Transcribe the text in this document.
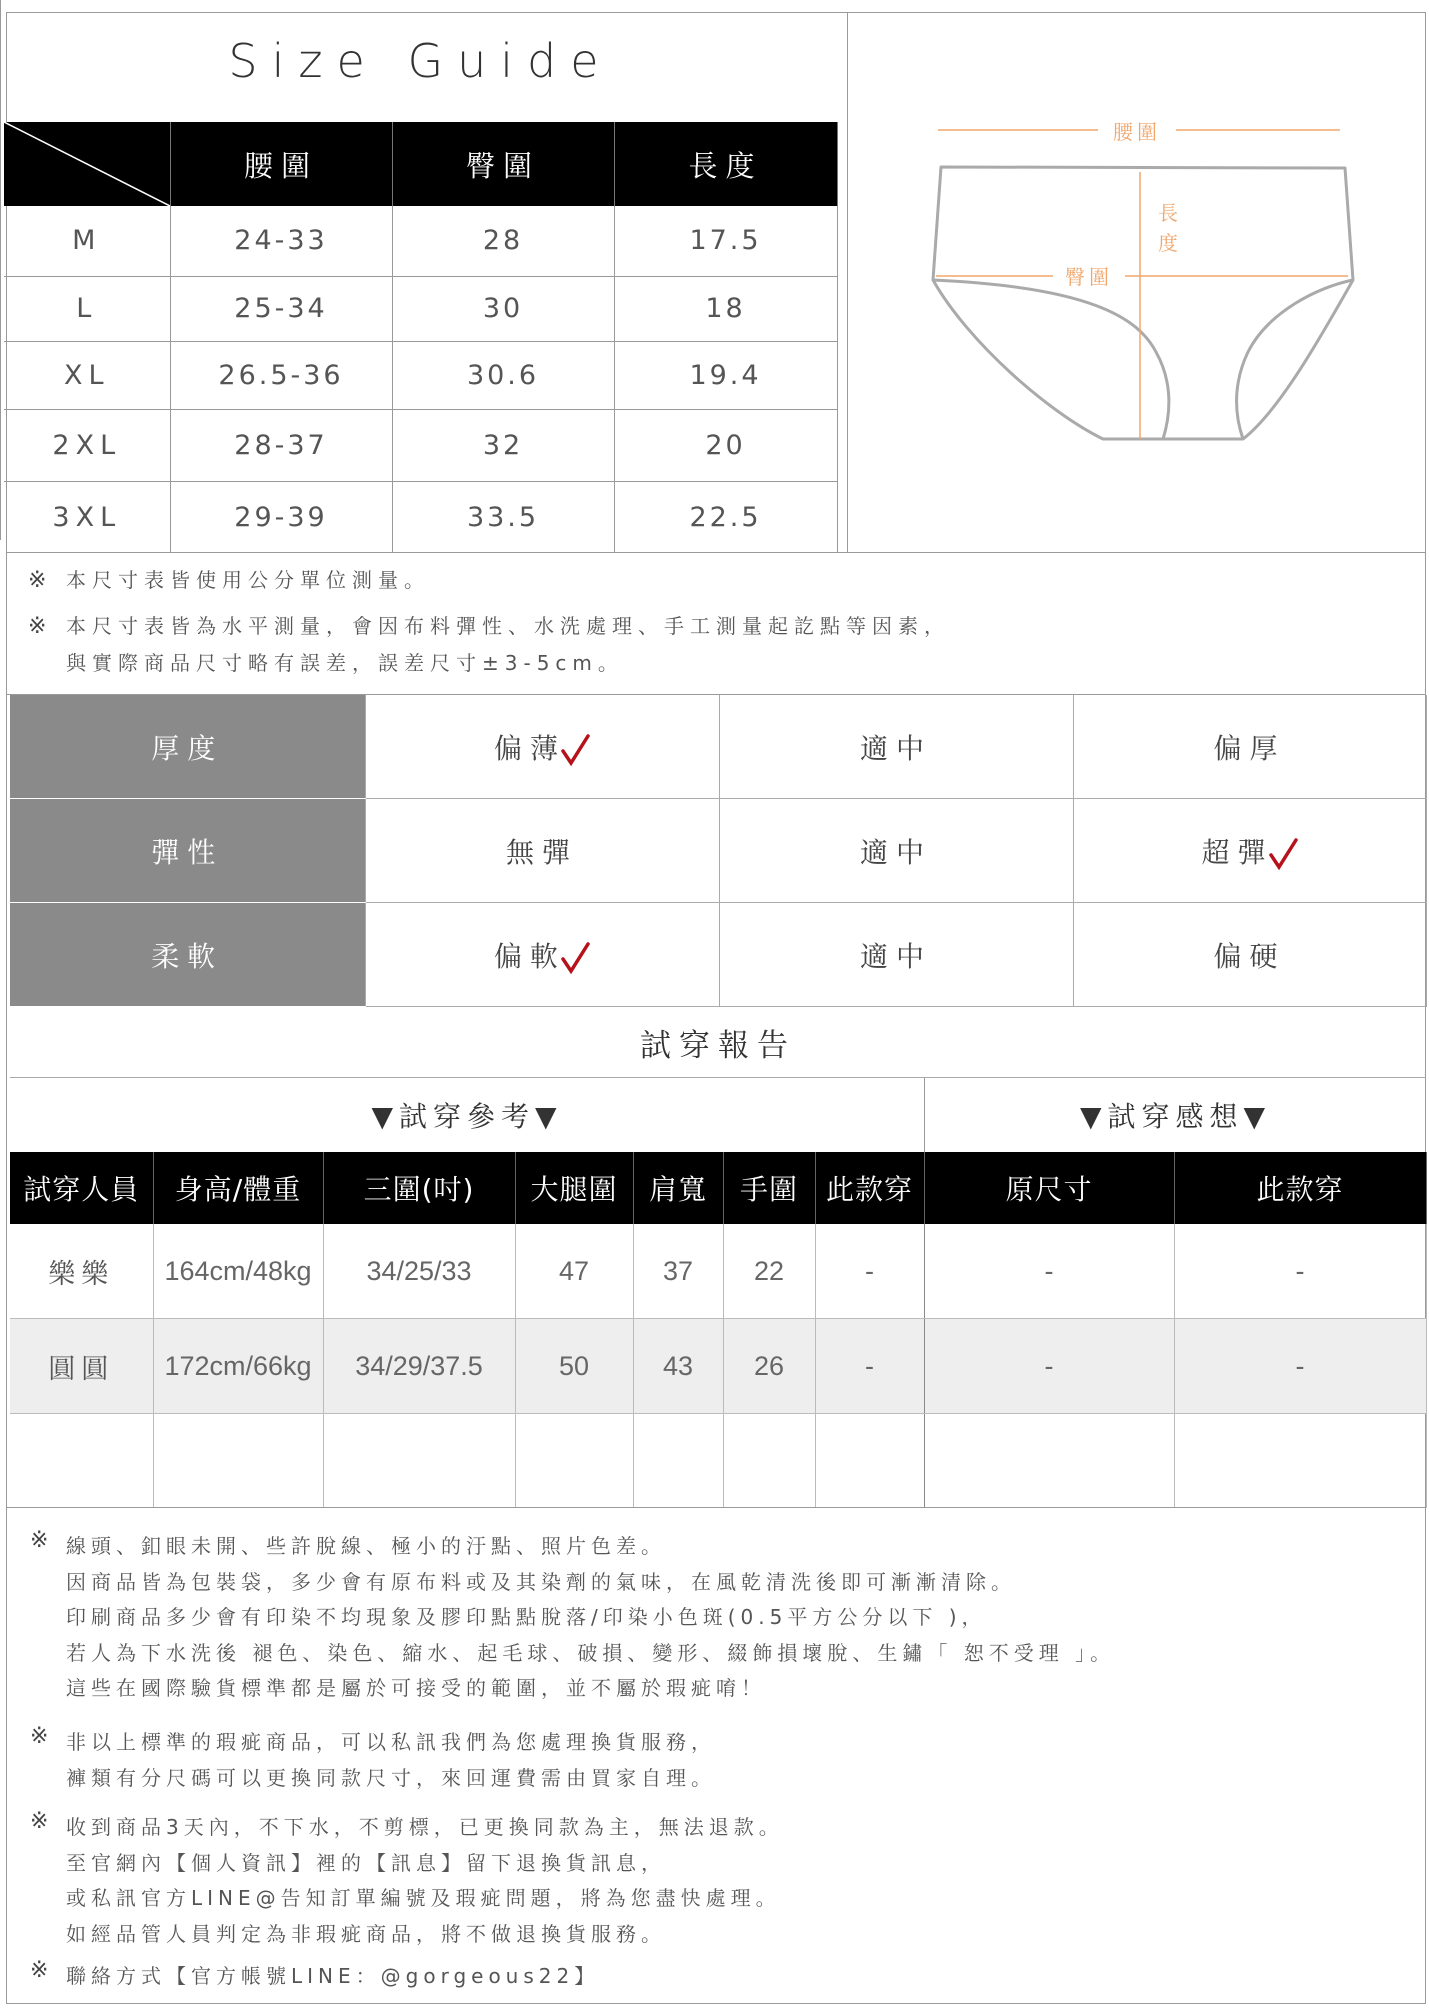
Size Guide
	腰圍	臀圍	長度
M	24-33	28	17.5
L	25-34	30	18
XL	26.5-36	30.6	19.4
2XL	28-37	32	20
3XL	29-39	33.5	22.5
腰圍
臀圍
長
度
※ 本尺寸表皆使用公分單位測量。
※ 本尺寸表皆為水平測量，會因布料彈性、水洗處理、手工測量起訖點等因素，
與實際商品尺寸略有誤差，誤差尺寸±3-5cm。
厚度	偏薄	適中	偏厚
彈性	無彈	適中	超彈
柔軟	偏軟	適中	偏硬
試穿報告
▼試穿參考▼	▼試穿感想▼
試穿人員	身高/體重	三圍(吋)	大腿圍	肩寬	手圍	此款穿	原尺寸	此款穿
樂樂	164cm/48kg	34/25/33	47	37	22	-	-	-
圓圓	172cm/66kg	34/29/37.5	50	43	26	-	-	-

※ 線頭、釦眼未開、些許脫線、極小的汙點、照片色差。
因商品皆為包裝袋，多少會有原布料或及其染劑的氣味，在風乾清洗後即可漸漸清除。
印刷商品多少會有印染不均現象及膠印點點脫落/印染小色斑(0.5平方公分以下 )，
若人為下水洗後 褪色、染色、縮水、起毛球、破損、變形、綴飾損壞脫、生鏽「 恕不受理 」。
這些在國際驗貨標準都是屬於可接受的範圍，並不屬於瑕疵唷！
※ 非以上標準的瑕疵商品，可以私訊我們為您處理換貨服務，
褲類有分尺碼可以更換同款尺寸，來回運費需由買家自理。
※ 收到商品3天內，不下水，不剪標，已更換同款為主，無法退款。
至官網內【個人資訊】裡的【訊息】留下退換貨訊息，
或私訊官方LINE@告知訂單編號及瑕疵問題，將為您盡快處理。
如經品管人員判定為非瑕疵商品，將不做退換貨服務。
※ 聯絡方式【官方帳號LINE：@gorgeous22】
